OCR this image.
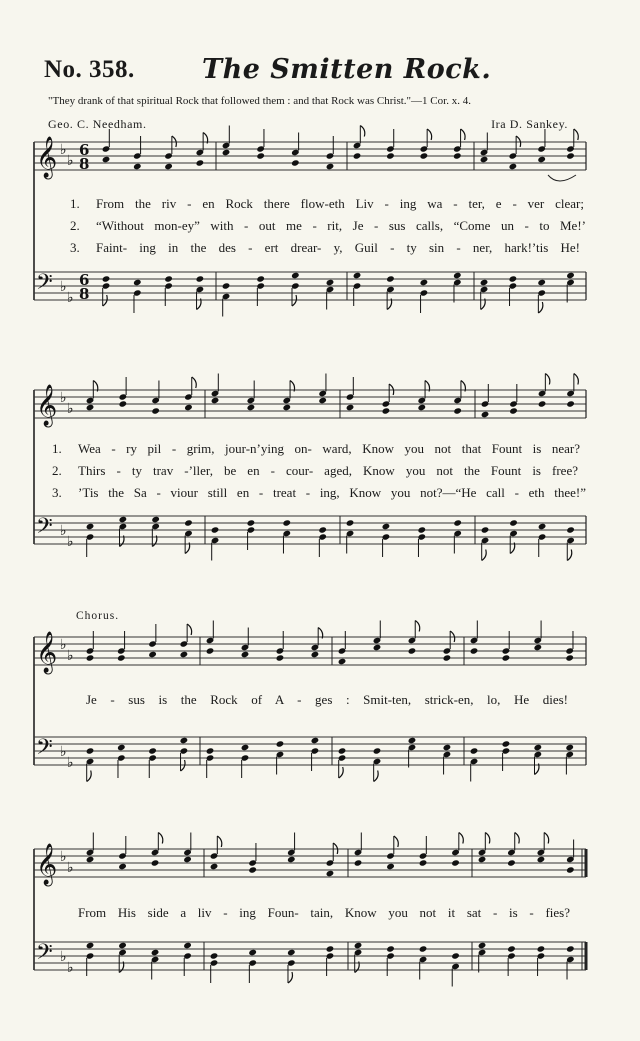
No. 358. The Smitten Rock.
"They drank of that spiritual Rock that followed them : and that Rock was Christ."—1 Cor. x. 4.
Geo. C. Needham.	Ira D. Sankey.
Chorus.
1. From the riv - en Rock there flow-eth Liv - ing wa - ter, e - ver clear;
2. “Without mon-ey” with - out me - rit, Je - sus calls, “Come un - to Me!’
3. Faint- ing in the des - ert drear- y, Guil - ty sin - ner, hark!’tis He!
1. Wea - ry pil - grim, jour-n’ying on- ward, Know you not that Fount is near?
2. Thirs - ty trav -’ller, be en - cour- aged, Know you not the Fount is free?
3. ’Tis the Sa - viour still en - treat - ing, Know you not?—“He call - eth thee!”
Je - sus is the Rock of A - ges : Smit-ten, strick-en, lo, He dies!
From His side a liv - ing Foun- tain, Know you not it sat - is - fies?
𝄞 ♭
♭
6
8
𝄢 ♭
♭
6
8
𝄞 ♭
♭
𝄢 ♭
♭
𝄞 ♭
♭
𝄢 ♭
♭
𝄞 ♭
♭
𝄢 ♭
♭
